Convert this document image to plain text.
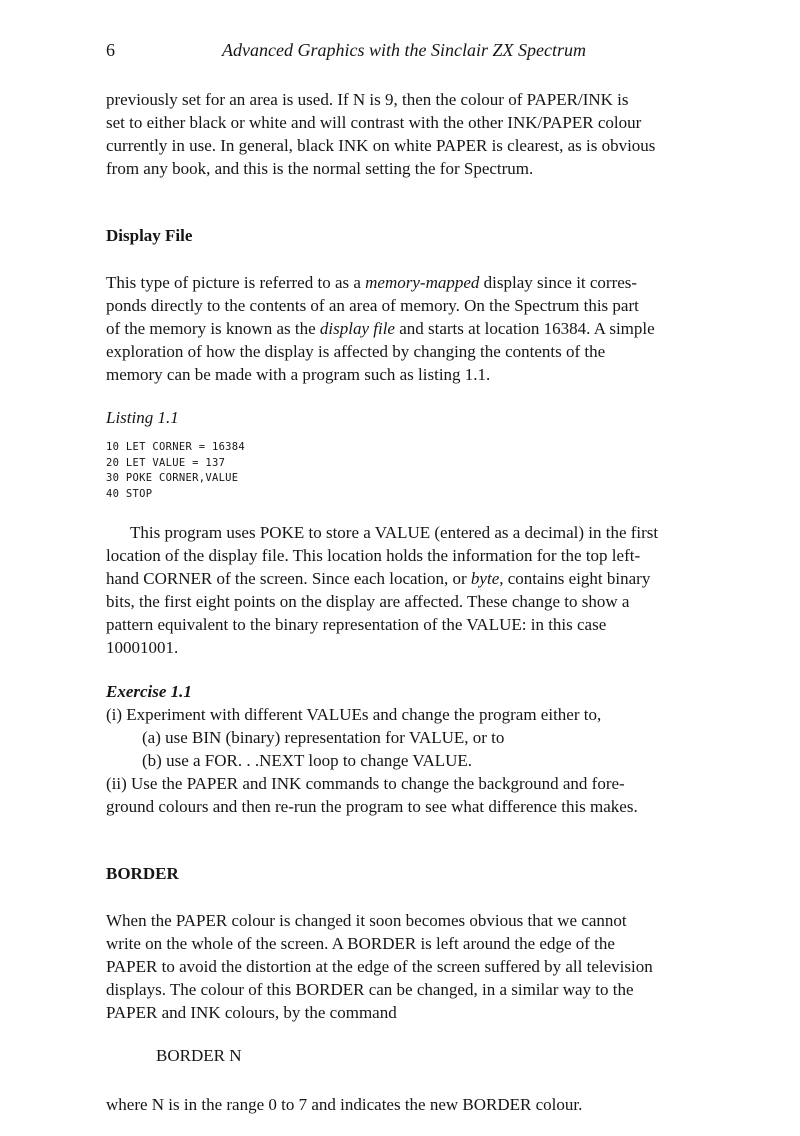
6	Advanced Graphics with the Sinclair ZX Spectrum

previously set for an area is used. If N is 9, then the colour of PAPER/INK is
set to either black or white and will contrast with the other INK/PAPER colour
currently in use. In general, black INK on white PAPER is clearest, as is obvious
from any book, and this is the normal setting the for Spectrum.

Display File

This type of picture is referred to as a memory-mapped display since it corres-
ponds directly to the contents of an area of memory. On the Spectrum this part
of the memory is known as the display file and starts at location 16384. A simple
exploration of how the display is affected by changing the contents of the
memory can be made with a program such as listing 1.1.

Listing 1.1
10 LET CORNER = 16384
20 LET VALUE = 137
30 POKE CORNER,VALUE
40 STOP

This program uses POKE to store a VALUE (entered as a decimal) in the first
location of the display file. This location holds the information for the top left-
hand CORNER of the screen. Since each location, or byte, contains eight binary
bits, the first eight points on the display are affected. These change to show a
pattern equivalent to the binary representation of the VALUE: in this case
10001001.

Exercise 1.1
(i) Experiment with different VALUEs and change the program either to,
(a) use BIN (binary) representation for VALUE, or to
(b) use a FOR. . .NEXT loop to change VALUE.
(ii) Use the PAPER and INK commands to change the background and fore-
ground colours and then re-run the program to see what difference this makes.
BORDER

When the PAPER colour is changed it soon becomes obvious that we cannot
write on the whole of the screen. A BORDER is left around the edge of the
PAPER to avoid the distortion at the edge of the screen suffered by all television
displays. The colour of this BORDER can be changed, in a similar way to the
PAPER and INK colours, by the command

BORDER N
where N is in the range 0 to 7 and indicates the new BORDER colour.
